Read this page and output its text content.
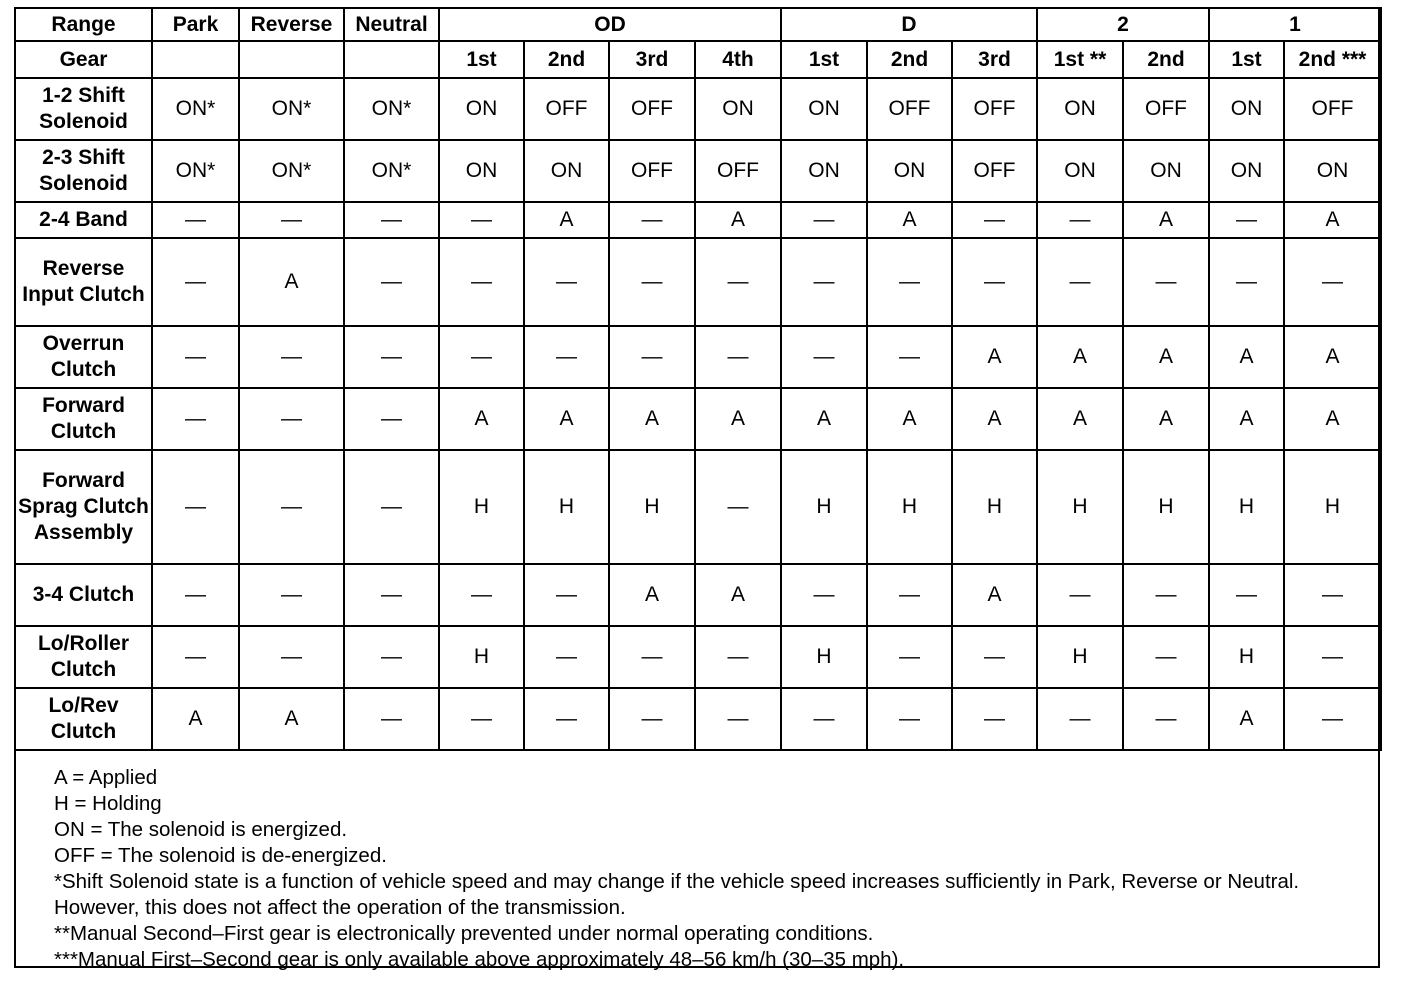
Range	Park	Reverse	Neutral	OD				D			2		1	
Gear				1st	2nd	3rd	4th	1st	2nd	3rd	1st **	2nd	1st	2nd ***
1-2 Shift Solenoid	ON*	ON*	ON*	ON	OFF	OFF	ON	ON	OFF	OFF	ON	OFF	ON	OFF
2-3 Shift Solenoid	ON*	ON*	ON*	ON	ON	OFF	OFF	ON	ON	OFF	ON	ON	ON	ON
2-4 Band	—	—	—	—	A	—	A	—	A	—	—	A	—	A
Reverse Input Clutch	—	A	—	—	—	—	—	—	—	—	—	—	—	—
Overrun Clutch	—	—	—	—	—	—	—	—	—	A	A	A	A	A
Forward Clutch	—	—	—	A	A	A	A	A	A	A	A	A	A	A
Forward Sprag Clutch Assembly	—	—	—	H	H	H	—	H	H	H	H	H	H	H
3-4 Clutch	—	—	—	—	—	A	A	—	—	A	—	—	—	—
Lo/Roller Clutch	—	—	—	H	—	—	—	H	—	—	H	—	H	—
Lo/Rev Clutch	A	A	—	—	—	—	—	—	—	—	—	—	A	—
A = Applied
H = Holding
ON = The solenoid is energized.
OFF = The solenoid is de-energized.
*Shift Solenoid state is a function of vehicle speed and may change if the vehicle speed increases sufficiently in Park, Reverse or Neutral. However, this does not affect the operation of the transmission.
**Manual Second–First gear is electronically prevented under normal operating conditions.
***Manual First–Second gear is only available above approximately 48–56 km/h (30–35 mph).
